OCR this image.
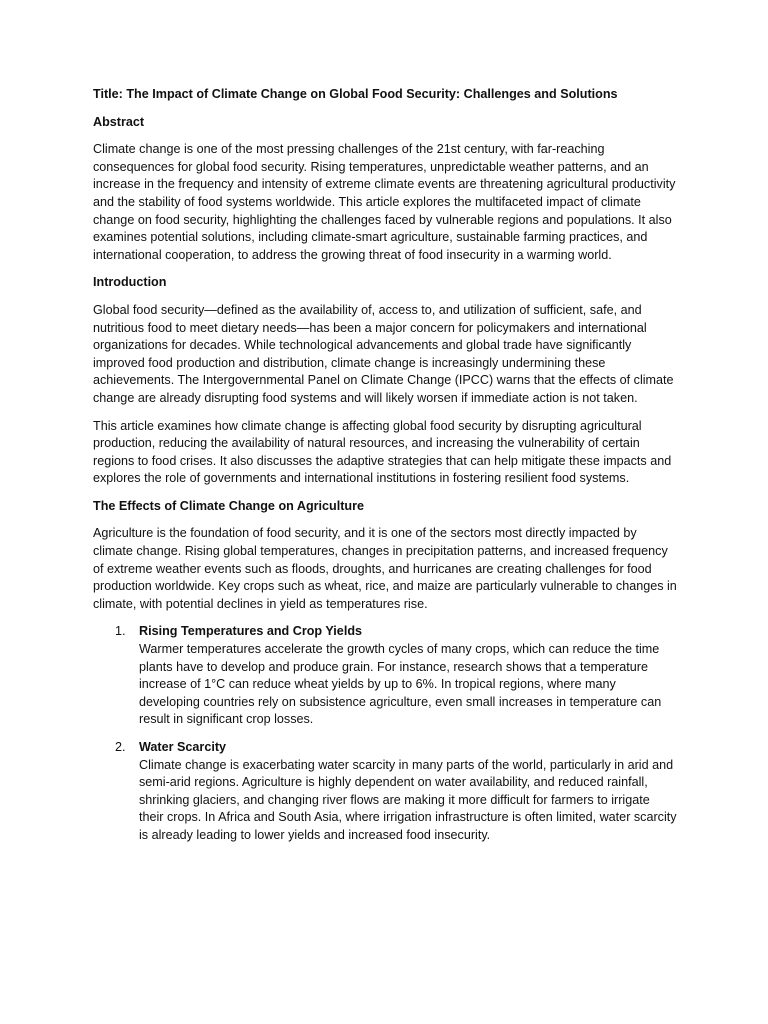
Title: The Impact of Climate Change on Global Food Security: Challenges and Solutions

Abstract

Climate change is one of the most pressing challenges of the 21st century, with far-reaching consequences for global food security. Rising temperatures, unpredictable weather patterns, and an increase in the frequency and intensity of extreme climate events are threatening agricultural productivity and the stability of food systems worldwide. This article explores the multifaceted impact of climate change on food security, highlighting the challenges faced by vulnerable regions and populations. It also examines potential solutions, including climate-smart agriculture, sustainable farming practices, and international cooperation, to address the growing threat of food insecurity in a warming world.

Introduction

Global food security—defined as the availability of, access to, and utilization of sufficient, safe, and nutritious food to meet dietary needs—has been a major concern for policymakers and international organizations for decades. While technological advancements and global trade have significantly improved food production and distribution, climate change is increasingly undermining these achievements. The Intergovernmental Panel on Climate Change (IPCC) warns that the effects of climate change are already disrupting food systems and will likely worsen if immediate action is not taken.

This article examines how climate change is affecting global food security by disrupting agricultural production, reducing the availability of natural resources, and increasing the vulnerability of certain regions to food crises. It also discusses the adaptive strategies that can help mitigate these impacts and explores the role of governments and international institutions in fostering resilient food systems.

The Effects of Climate Change on Agriculture

Agriculture is the foundation of food security, and it is one of the sectors most directly impacted by climate change. Rising global temperatures, changes in precipitation patterns, and increased frequency of extreme weather events such as floods, droughts, and hurricanes are creating challenges for food production worldwide. Key crops such as wheat, rice, and maize are particularly vulnerable to changes in climate, with potential declines in yield as temperatures rise.

1. Rising Temperatures and Crop Yields
Warmer temperatures accelerate the growth cycles of many crops, which can reduce the time plants have to develop and produce grain. For instance, research shows that a temperature increase of 1°C can reduce wheat yields by up to 6%. In tropical regions, where many developing countries rely on subsistence agriculture, even small increases in temperature can result in significant crop losses.
2. Water Scarcity
Climate change is exacerbating water scarcity in many parts of the world, particularly in arid and semi-arid regions. Agriculture is highly dependent on water availability, and reduced rainfall, shrinking glaciers, and changing river flows are making it more difficult for farmers to irrigate their crops. In Africa and South Asia, where irrigation infrastructure is often limited, water scarcity is already leading to lower yields and increased food insecurity.
